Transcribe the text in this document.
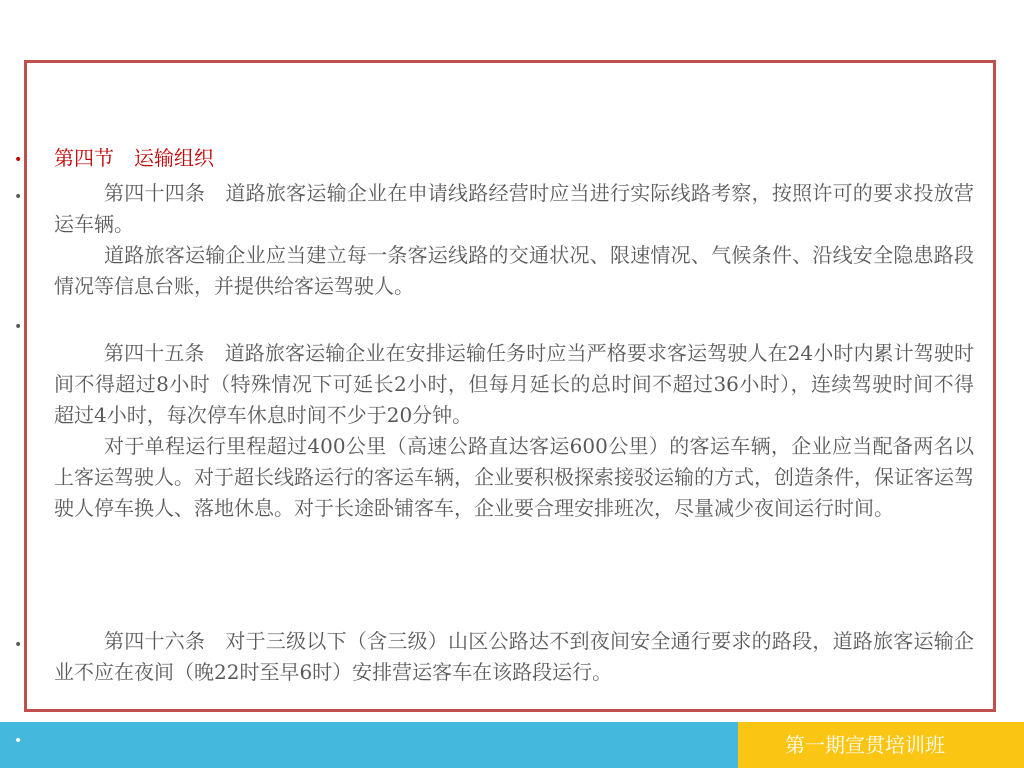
• 第四节　运输组织
•	第四十四条　道路旅客运输企业在申请线路经营时应当进行实际线路考察，按照许可的要求投放营运车辆。

道路旅客运输企业应当建立每一条客运线路的交通状况、限速情况、气候条件、沿线安全隐患路段情况等信息台账，并提供给客运驾驶人。

•

第四十五条　道路旅客运输企业在安排运输任务时应当严格要求客运驾驶人在24小时内累计驾驶时间不得超过8小时（特殊情况下可延长2小时，但每月延长的总时间不超过36小时），连续驾驶时间不得超过4小时，每次停车休息时间不少于20分钟。

对于单程运行里程超过400公里（高速公路直达客运600公里）的客运车辆，企业应当配备两名以上客运驾驶人。对于超长线路运行的客运车辆，企业要积极探索接驳运输的方式，创造条件，保证客运驾驶人停车换人、落地休息。对于长途卧铺客车，企业要合理安排班次，尽量减少夜间运行时间。

•	第四十六条　对于三级以下（含三级）山区公路达不到夜间安全通行要求的路段，道路旅客运输企业不应在夜间（晚22时至早6时）安排营运客车在该路段运行。

•	第一期宣贯培训班
